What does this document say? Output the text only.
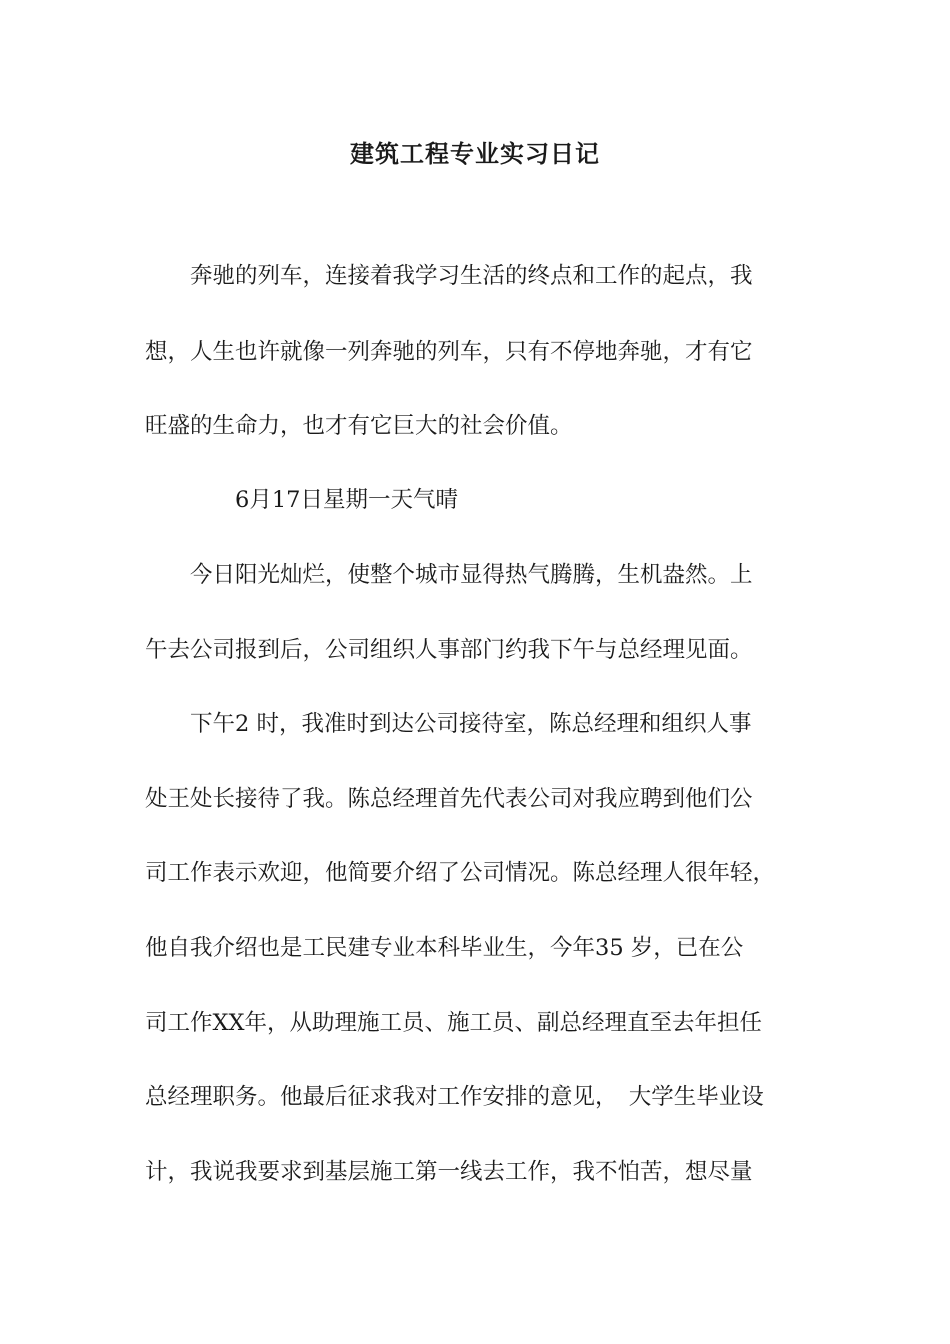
建筑工程专业实习日记
　　奔驰的列车，连接着我学习生活的终点和工作的起点，我
想，人生也许就像一列奔驰的列车，只有不停地奔驰，才有它
旺盛的生命力，也才有它巨大的社会价值。
　　　　6月17日星期一天气晴
　　今日阳光灿烂，使整个城市显得热气腾腾，生机盎然。上
午去公司报到后，公司组织人事部门约我下午与总经理见面。
　　下午2 时，我准时到达公司接待室，陈总经理和组织人事
处王处长接待了我。陈总经理首先代表公司对我应聘到他们公
司工作表示欢迎，他简要介绍了公司情况。陈总经理人很年轻，
他自我介绍也是工民建专业本科毕业生，今年35 岁，已在公
司工作XX年，从助理施工员、施工员、副总经理直至去年担任
总经理职务。他最后征求我对工作安排的意见，　大学生毕业设
计，我说我要求到基层施工第一线去工作，我不怕苦，想尽量
